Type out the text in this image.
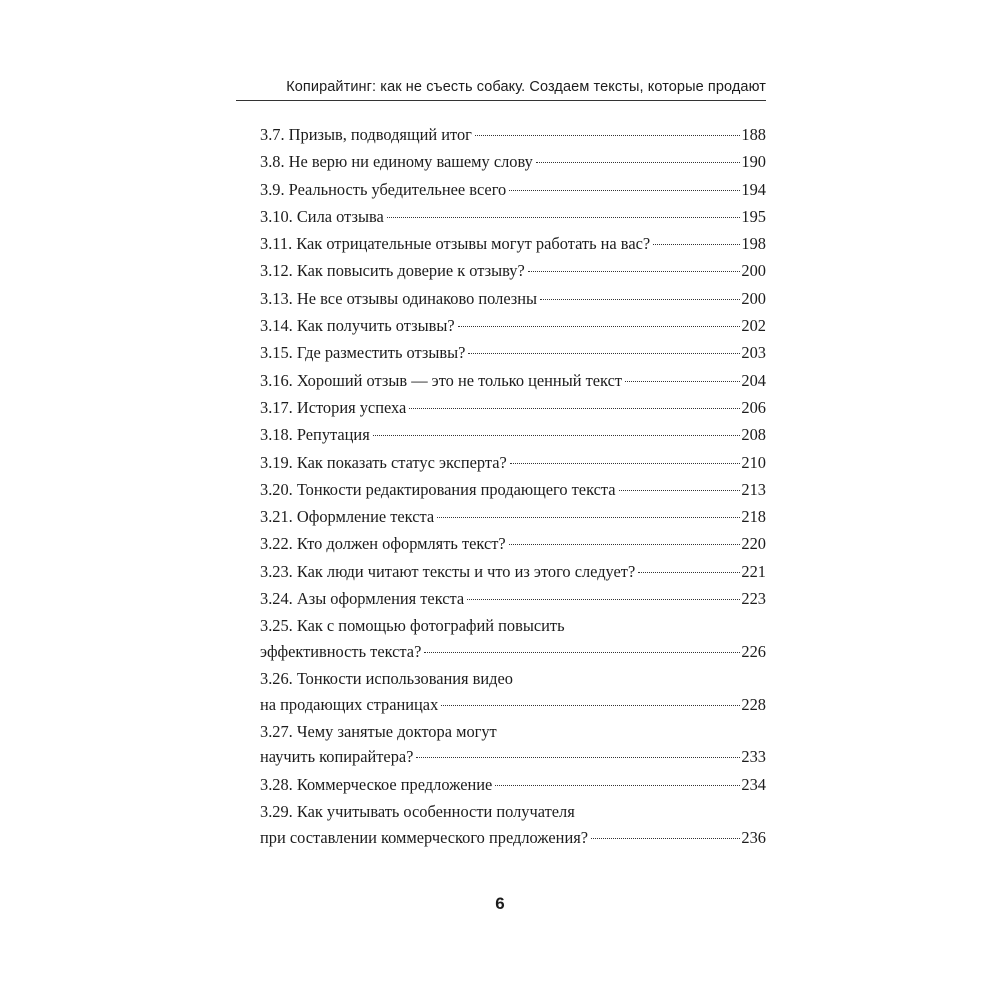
Копирайтинг: как не съесть собаку. Создаем тексты, которые продают
3.7. Призыв, подводящий итог	188
3.8. Не верю ни единому вашему слову	190
3.9. Реальность убедительнее всего	194
3.10. Сила отзыва	195
3.11. Как отрицательные отзывы могут работать на вас?	198
3.12. Как повысить доверие к отзыву?	200
3.13. Не все отзывы одинаково полезны	200
3.14. Как получить отзывы?	202
3.15. Где разместить отзывы?	203
3.16. Хороший отзыв — это не только ценный текст	204
3.17. История успеха	206
3.18. Репутация	208
3.19. Как показать статус эксперта?	210
3.20. Тонкости редактирования продающего текста	213
3.21. Оформление текста	218
3.22. Кто должен оформлять текст?	220
3.23. Как люди читают тексты и что из этого следует?	221
3.24. Азы оформления текста	223
3.25. Как с помощью фотографий повысить
эффективность текста?	226
3.26. Тонкости использования видео
на продающих страницах	228
3.27. Чему занятые доктора могут
научить копирайтера?	233
3.28. Коммерческое предложение	234
3.29. Как учитывать особенности получателя
при составлении коммерческого предложения?	236
6
